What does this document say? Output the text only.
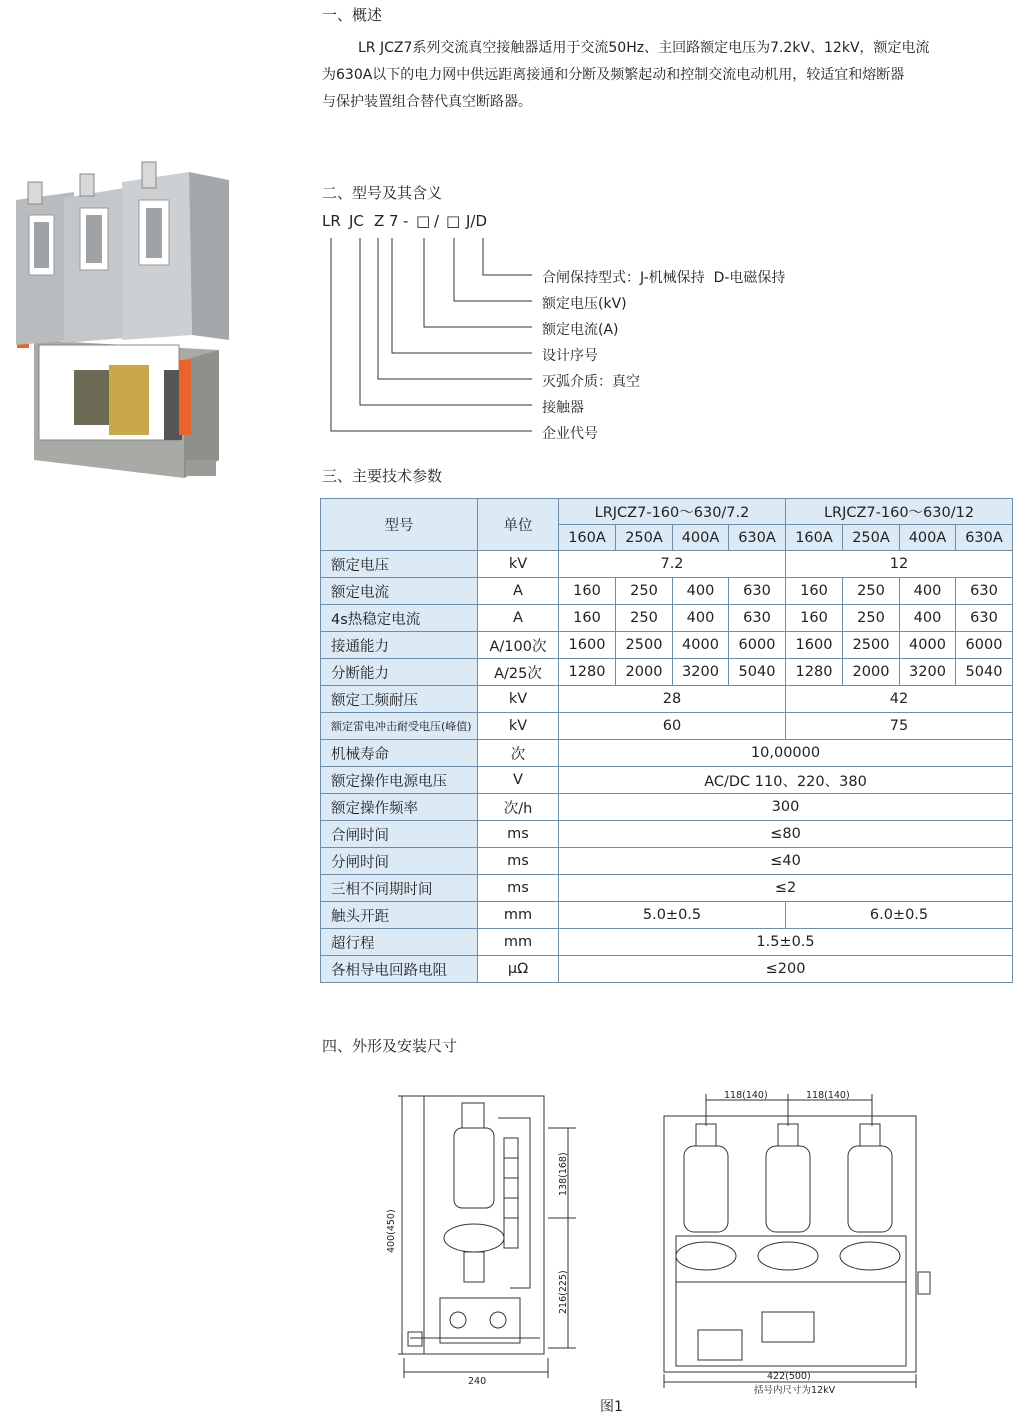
一、概述
LR JCZ7系列交流真空接触器适用于交流50Hz、主回路额定电压为7.2kV、12kV，额定电流
为630A以下的电力网中供远距离接通和分断及频繁起动和控制交流电动机用，较适宜和熔断器
与保护装置组合替代真空断路器。
二、型号及其含义
LR JC Z 7 - □ / □ J/D
合闸保持型式：J-机械保持  D-电磁保持
额定电压(kV)
额定电流(A)
设计序号
灭弧介质：真空
接触器
企业代号
三、主要技术参数
型号	单位	LRJCZ7-160～630/7.2				LRJCZ7-160～630/12			
		160A	250A	400A	630A	160A	250A	400A	630A
额定电压	kV	7.2				12			
额定电流	A	160	250	400	630	160	250	400	630
4s热稳定电流	A	160	250	400	630	160	250	400	630
接通能力	A/100次	1600	2500	4000	6000	1600	2500	4000	6000
分断能力	A/25次	1280	2000	3200	5040	1280	2000	3200	5040
额定工频耐压	kV	28				42			
额定雷电冲击耐受电压(峰值)	kV	60				75			
机械寿命	次	10,00000							
额定操作电源电压	V	AC/DC 110、220、380							
额定操作频率	次/h	300							
合闸时间	ms	≤80							
分闸时间	ms	≤40							
三相不同期时间	ms	≤2							
触头开距	mm	5.0±0.5				6.0±0.5			
超行程	mm	1.5±0.5							
各相导电回路电阻	μΩ	≤200							
四、外形及安装尺寸
400(450)
138(168)
216(225)
240
118(140)	118(140)
422(500)
括号内尺寸为12kV
图1
